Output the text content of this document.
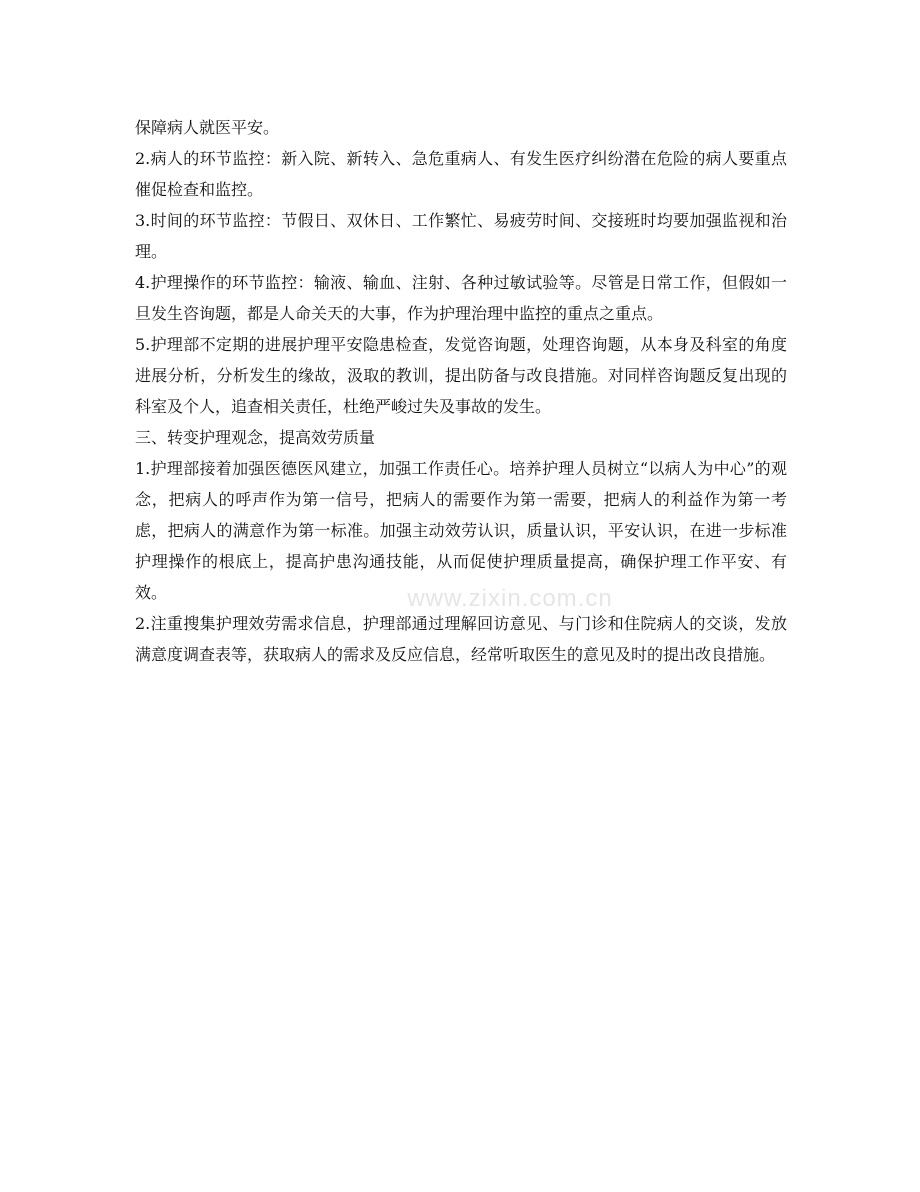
保障病人就医平安。

2.病人的环节监控：新入院、新转入、急危重病人、有发生医疗纠纷潜在危险的病人要重点催促检查和监控。

3.时间的环节监控：节假日、双休日、工作繁忙、易疲劳时间、交接班时均要加强监视和治理。

4.护理操作的环节监控：输液、输血、注射、各种过敏试验等。尽管是日常工作，但假如一旦发生咨询题，都是人命关天的大事，作为护理治理中监控的重点之重点。

5.护理部不定期的进展护理平安隐患检查，发觉咨询题，处理咨询题，从本身及科室的角度进展分析，分析发生的缘故，汲取的教训，提出防备与改良措施。对同样咨询题反复出现的科室及个人，追查相关责任，杜绝严峻过失及事故的发生。

三、转变护理观念，提高效劳质量

1.护理部接着加强医德医风建立，加强工作责任心。培养护理人员树立“以病人为中心”的观念，把病人的呼声作为第一信号，把病人的需要作为第一需要，把病人的利益作为第一考虑，把病人的满意作为第一标准。加强主动效劳认识，质量认识，平安认识，在进一步标准护理操作的根底上，提高护患沟通技能，从而促使护理质量提高，确保护理工作平安、有效。

2.注重搜集护理效劳需求信息，护理部通过理解回访意见、与门诊和住院病人的交谈，发放满意度调查表等，获取病人的需求及反应信息，经常听取医生的意见及时的提出改良措施。

www.zixin.com.cn
